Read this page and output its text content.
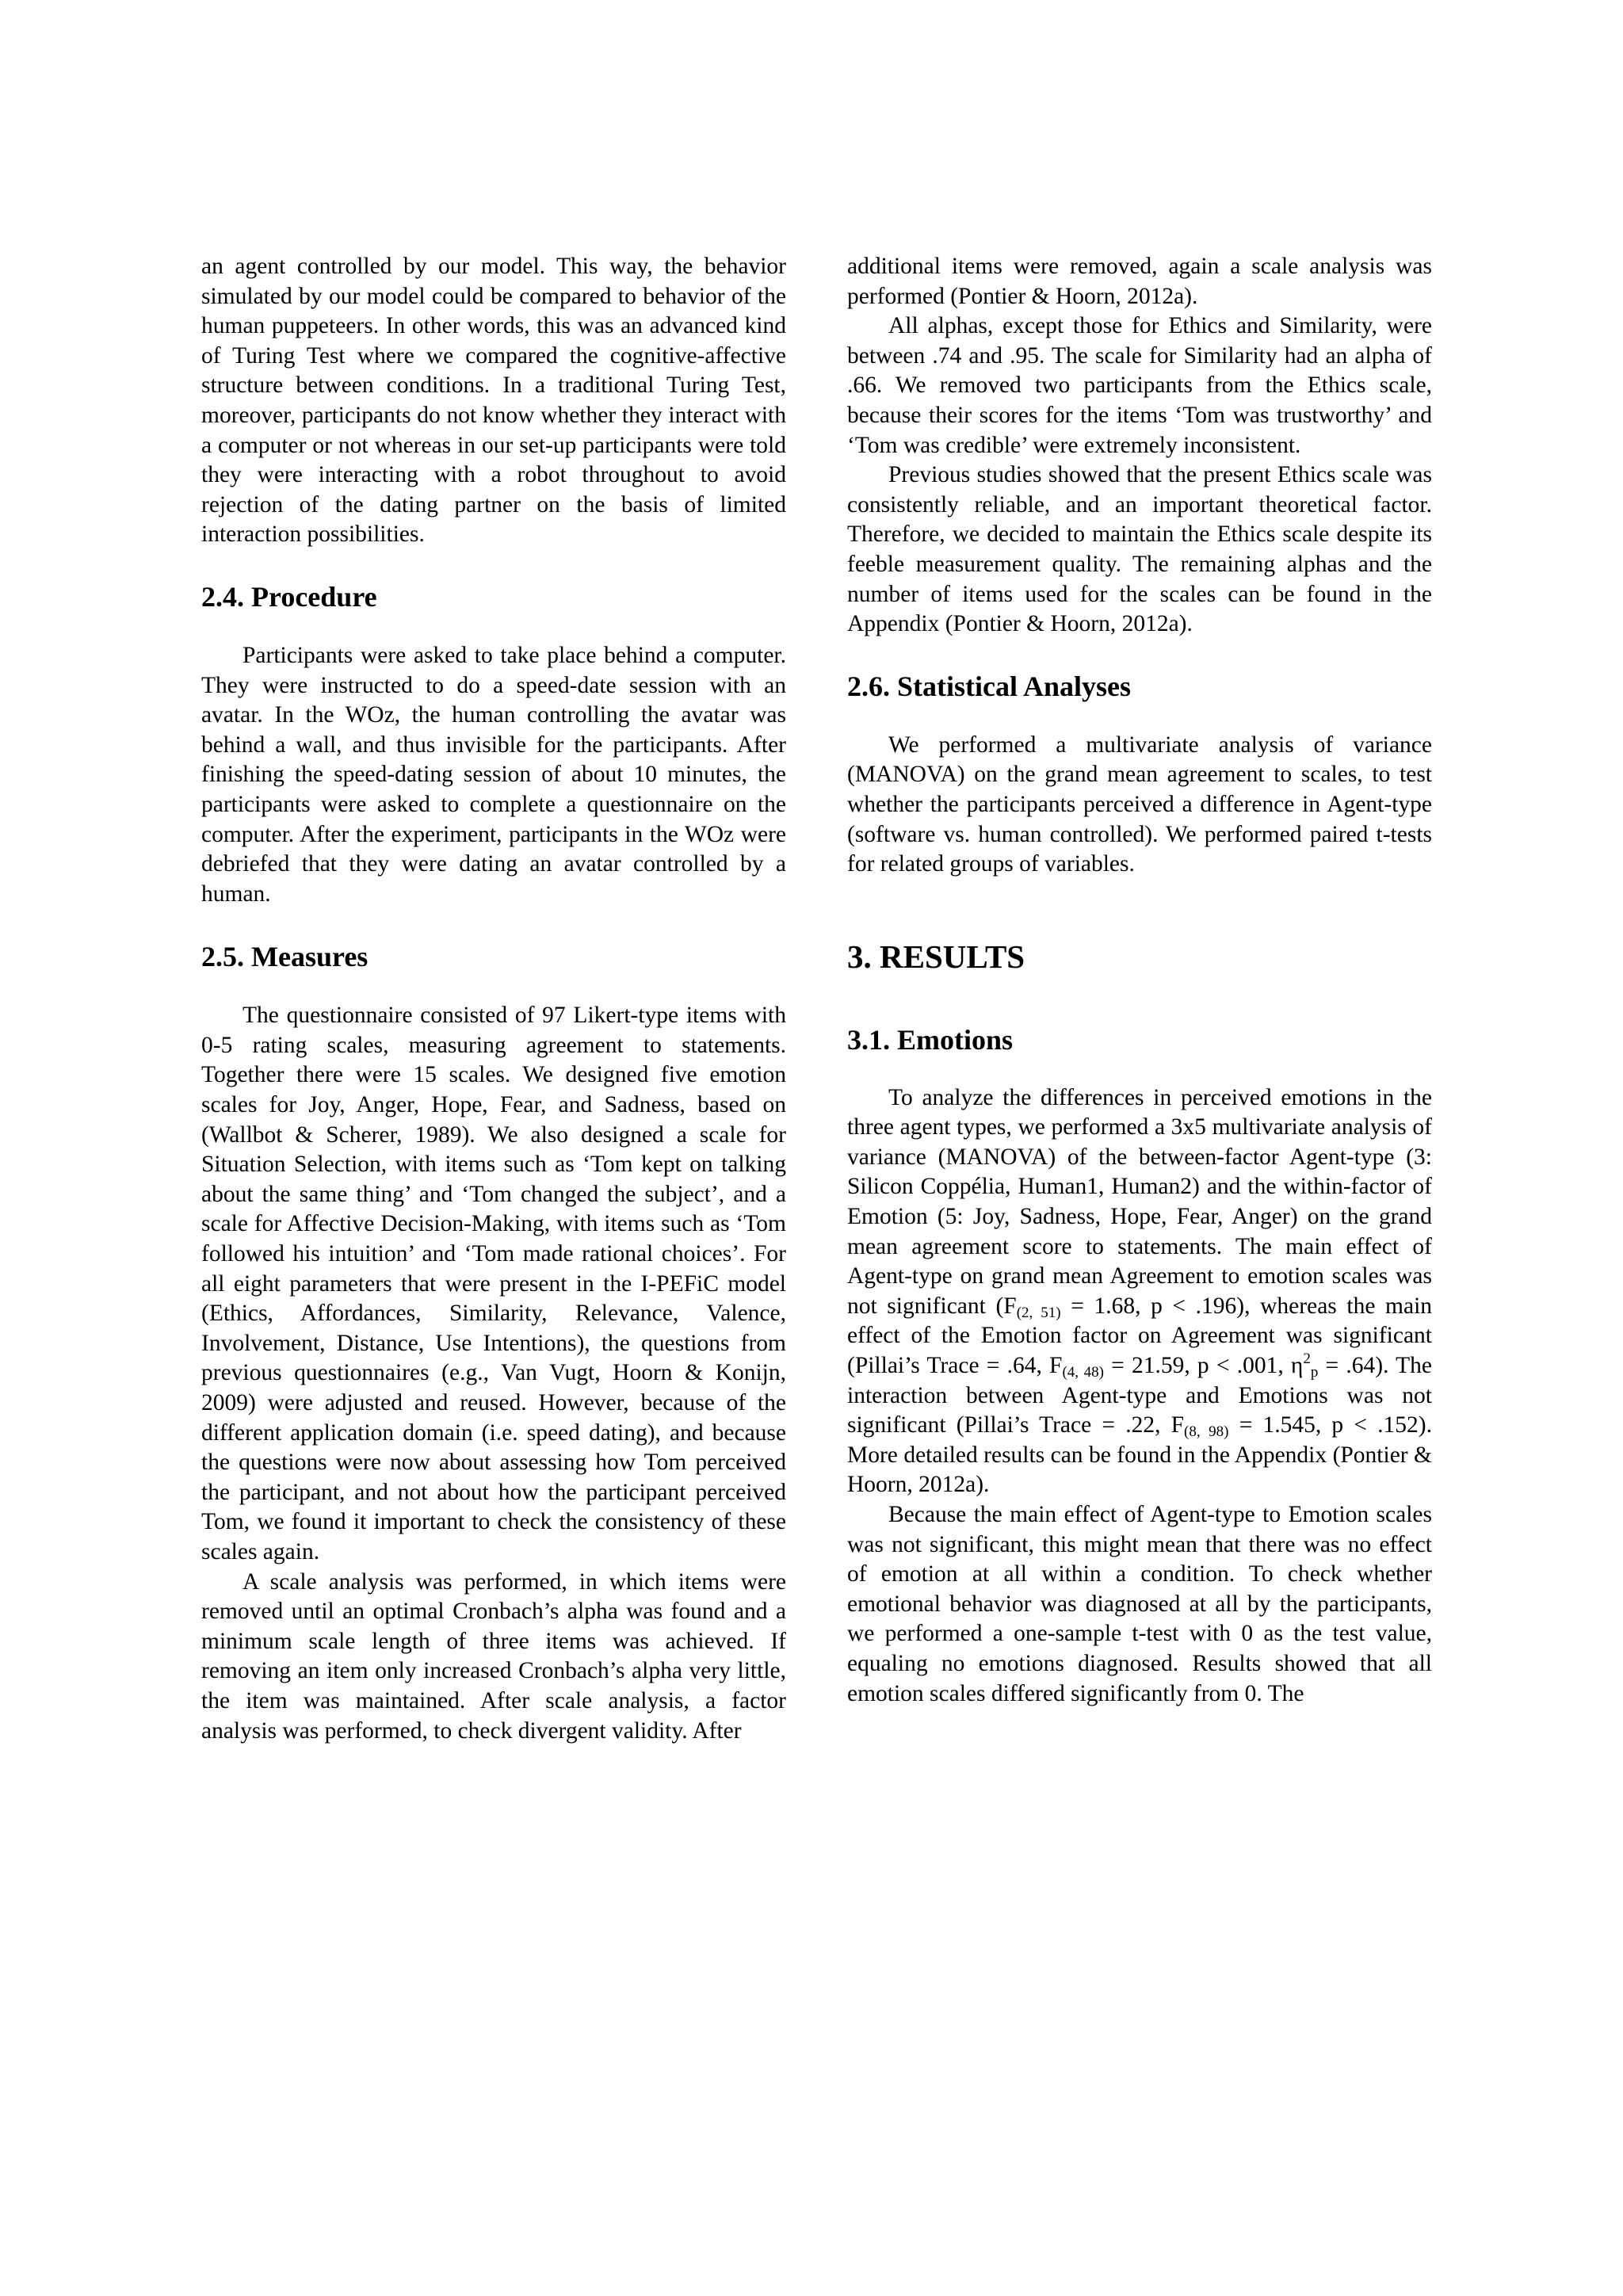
an agent controlled by our model. This way, the behavior simulated by our model could be compared to behavior of the human puppeteers. In other words, this was an advanced kind of Turing Test where we compared the cognitive-affective structure between conditions. In a traditional Turing Test, moreover, participants do not know whether they interact with a computer or not whereas in our set-up participants were told they were interacting with a robot throughout to avoid rejection of the dating partner on the basis of limited interaction possibilities.

2.4. Procedure

Participants were asked to take place behind a computer. They were instructed to do a speed-date session with an avatar. In the WOz, the human controlling the avatar was behind a wall, and thus invisible for the participants. After finishing the speed-dating session of about 10 minutes, the participants were asked to complete a questionnaire on the computer. After the experiment, participants in the WOz were debriefed that they were dating an avatar controlled by a human.

2.5. Measures

The questionnaire consisted of 97 Likert-type items with 0-5 rating scales, measuring agreement to statements. Together there were 15 scales. We designed five emotion scales for Joy, Anger, Hope, Fear, and Sadness, based on (Wallbot & Scherer, 1989). We also designed a scale for Situation Selection, with items such as ‘Tom kept on talking about the same thing’ and ‘Tom changed the subject’, and a scale for Affective Decision-Making, with items such as ‘Tom followed his intuition’ and ‘Tom made rational choices’. For all eight parameters that were present in the I-PEFiC model (Ethics, Affordances, Similarity, Relevance, Valence, Involvement, Distance, Use Intentions), the questions from previous questionnaires (e.g., Van Vugt, Hoorn & Konijn, 2009) were adjusted and reused. However, because of the different application domain (i.e. speed dating), and because the questions were now about assessing how Tom perceived the participant, and not about how the participant perceived Tom, we found it important to check the consistency of these scales again.

A scale analysis was performed, in which items were removed until an optimal Cronbach’s alpha was found and a minimum scale length of three items was achieved. If removing an item only increased Cronbach’s alpha very little, the item was maintained. After scale analysis, a factor analysis was performed, to check divergent validity. After

additional items were removed, again a scale analysis was performed (Pontier & Hoorn, 2012a).

All alphas, except those for Ethics and Similarity, were between .74 and .95. The scale for Similarity had an alpha of .66. We removed two participants from the Ethics scale, because their scores for the items ‘Tom was trustworthy’ and ‘Tom was credible’ were extremely inconsistent.

Previous studies showed that the present Ethics scale was consistently reliable, and an important theoretical factor. Therefore, we decided to maintain the Ethics scale despite its feeble measurement quality. The remaining alphas and the number of items used for the scales can be found in the Appendix (Pontier & Hoorn, 2012a).

2.6. Statistical Analyses

We performed a multivariate analysis of variance (MANOVA) on the grand mean agreement to scales, to test whether the participants perceived a difference in Agent-type (software vs. human controlled). We performed paired t-tests for related groups of variables.

3. RESULTS
3.1. Emotions

To analyze the differences in perceived emotions in the three agent types, we performed a 3x5 multivariate analysis of variance (MANOVA) of the between-factor Agent-type (3: Silicon Coppélia, Human1, Human2) and the within-factor of Emotion (5: Joy, Sadness, Hope, Fear, Anger) on the grand mean agreement score to statements. The main effect of Agent-type on grand mean Agreement to emotion scales was not significant ($F_{(2, 51)} = 1.68$, p < .196), whereas the main effect of the Emotion factor on Agreement was significant (Pillai’s Trace = .64, $F_{(4, 48)} = 21.59$, p < .001, $\eta^2_p = .64$). The interaction between Agent-type and Emotions was not significant (Pillai’s Trace = .22, $F_{(8, 98)} = 1.545$, p < .152). More detailed results can be found in the Appendix (Pontier & Hoorn, 2012a).

Because the main effect of Agent-type to Emotion scales was not significant, this might mean that there was no effect of emotion at all within a condition. To check whether emotional behavior was diagnosed at all by the participants, we performed a one-sample t-test with 0 as the test value, equaling no emotions diagnosed. Results showed that all emotion scales differed significantly from 0. The
